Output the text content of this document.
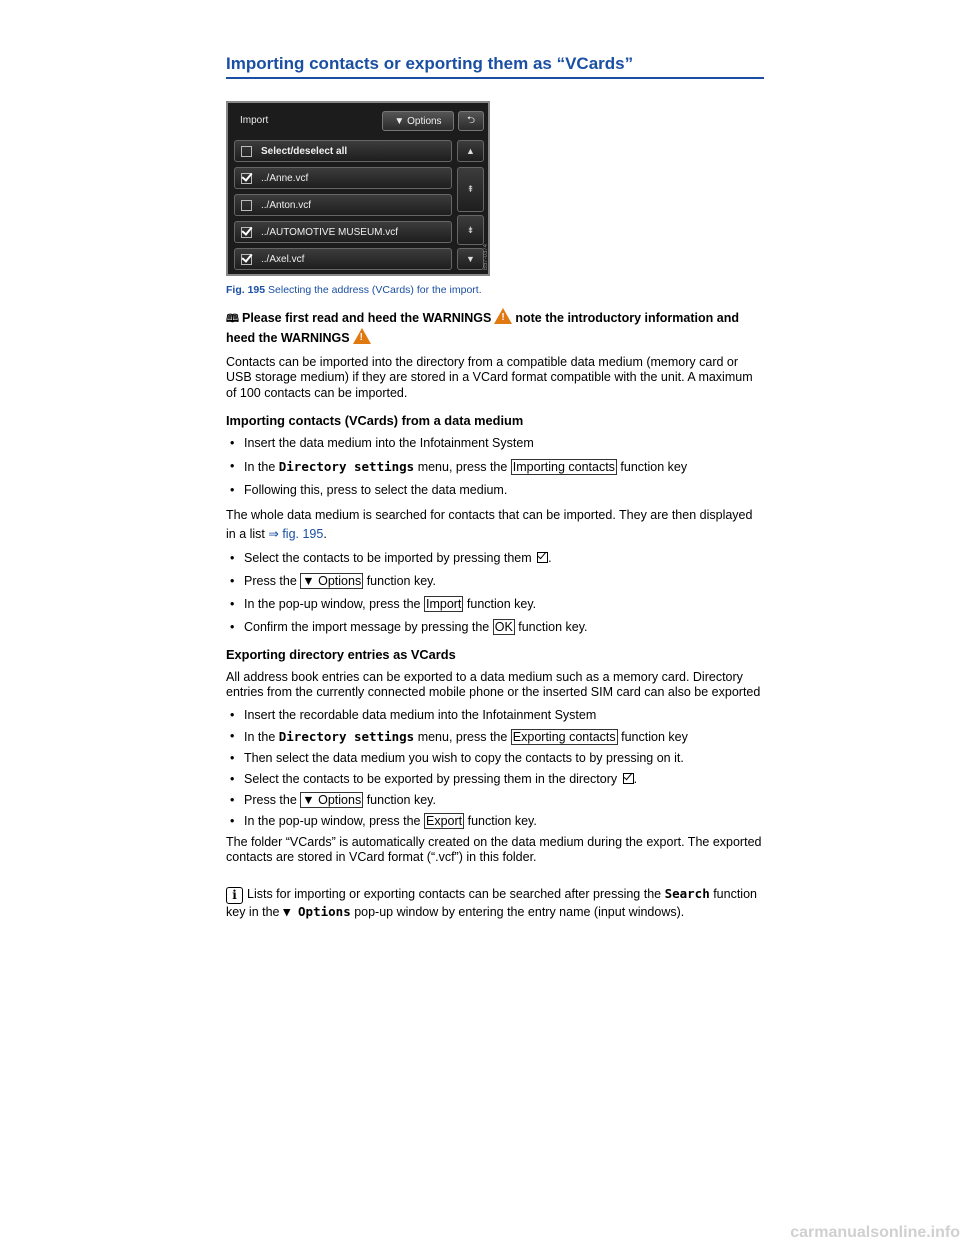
Importing contacts or exporting them as “VCards”
Import	▼ Options	⮌
Select/deselect all
../Anne.vcf
../Anton.vcf
../AUTOMOTIVE MUSEUM.vcf
../Axel.vcf
▲
⇞
⇟
▼ B57-0374
Fig. 195 Selecting the address (VCards) for the import.

🕮 Please first read and heed the WARNINGS! note the introductory information and heed the WARNINGS!

Contacts can be imported into the directory from a compatible data medium (memory card or USB storage medium) if they are stored in a VCard format compatible with the unit. A maximum of 100 contacts can be imported.

Importing contacts (VCards) from a data medium
• Insert the data medium into the Infotainment System
• In the Directory settings menu, press the Importing contacts function key
• Following this, press to select the data medium.

The whole data medium is searched for contacts that can be imported. They are then displayed in a list ⇒ fig. 195.

• Select the contacts to be imported by pressing them .
• Press the ▼ Options function key.
• In the pop-up window, press the Import function key.
• Confirm the import message by pressing the OK function key.
Exporting directory entries as VCards

All address book entries can be exported to a data medium such as a memory card. Directory entries from the currently connected mobile phone or the inserted SIM card can also be exported

• Insert the recordable data medium into the Infotainment System
• In the Directory settings menu, press the Exporting contacts function key
• Then select the data medium you wish to copy the contacts to by pressing on it.
• Select the contacts to be exported by pressing them in the directory .
• Press the ▼ Options function key.
• In the pop-up window, press the Export function key.

The folder “VCards” is automatically created on the data medium during the export. The exported contacts are stored in VCard format (“.vcf”) in this folder.

i Lists for importing or exporting contacts can be searched after pressing the Search function key in the ▼ Options pop-up window by entering the entry name (input windows).

carmanualsonline.info
